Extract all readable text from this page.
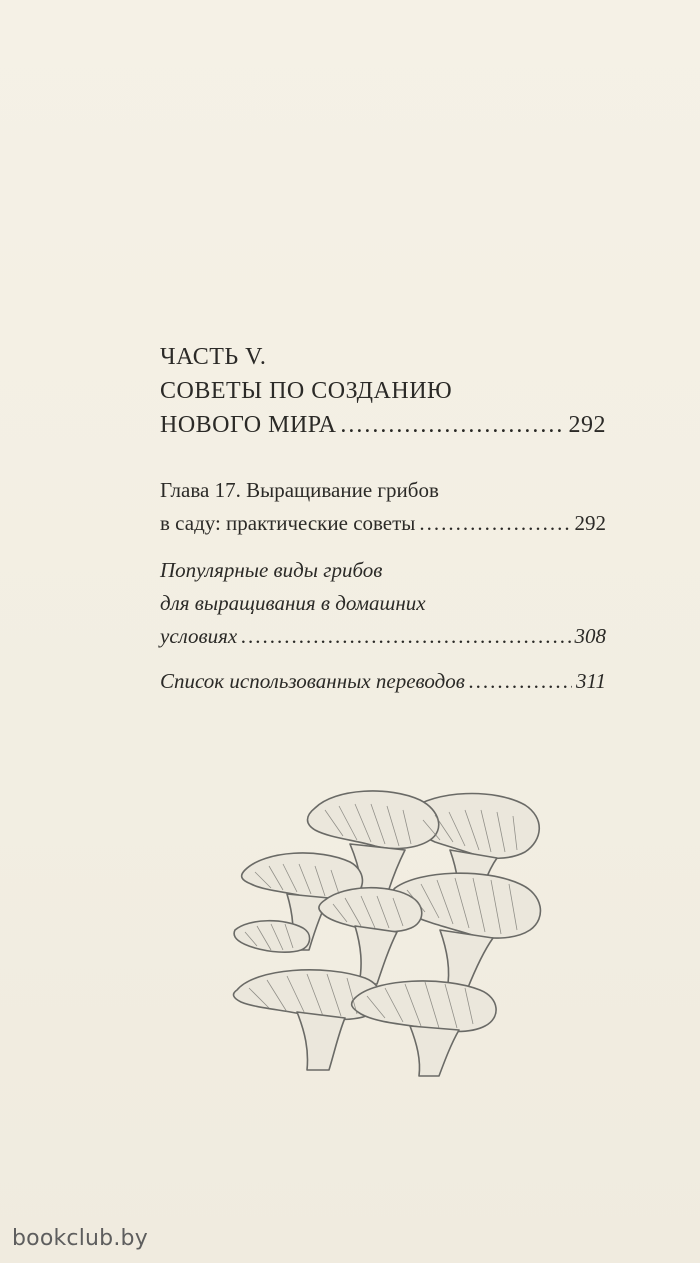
ЧАСТЬ V.
СОВЕТЫ ПО СОЗДАНИЮ
НОВОГО МИРА .....	292
Глава 17. Выращивание грибов
в саду: практические советы .....	292
Популярные виды грибов
для выращивания в домашних
условиях .....	308
Список использованных переводов .....	311
bookclub.by
